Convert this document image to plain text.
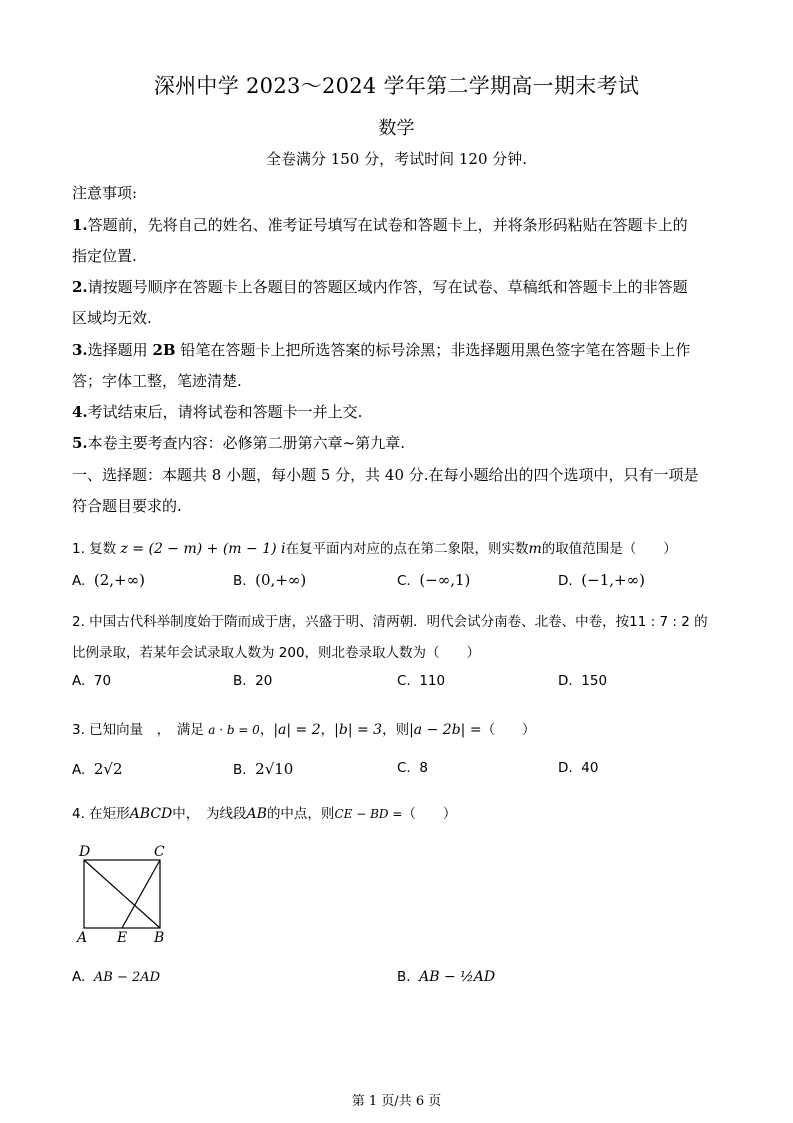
深州中学 2023～2024 学年第二学期高一期末考试
数学
全卷满分 150 分，考试时间 120 分钟.
注意事项:
1.答题前，先将自己的姓名、准考证号填写在试卷和答题卡上，并将条形码粘贴在答题卡上的
指定位置.
2.请按题号顺序在答题卡上各题目的答题区域内作答，写在试卷、草稿纸和答题卡上的非答题
区域均无效.
3.选择题用 2B 铅笔在答题卡上把所选答案的标号涂黑；非选择题用黑色签字笔在答题卡上作
答；字体工整，笔迹清楚.
4.考试结束后，请将试卷和答题卡一并上交.
5.本卷主要考查内容：必修第二册第六章~第九章.
一、选择题：本题共 8 小题，每小题 5 分，共 40 分.在每小题给出的四个选项中，只有一项是
符合题目要求的.
1. 复数 z = (2 − m) + (m − 1) i在复平面内对应的点在第二象限，则实数m的取值范围是（　　）
A. (2,+∞)	B. (0,+∞)	C. (−∞,1)	D. (−1,+∞)
2. 中国古代科举制度始于隋而成于唐，兴盛于明、清两朝．明代会试分南卷、北卷、中卷，按11 : 7 : 2 的
比例录取，若某年会试录取人数为 200，则北卷录取人数为（　　）
A. 70	B. 20	C. 110	D. 150
3. 已知向量　，　满足 a · b = 0，|a| = 2，|b| = 3，则|a − 2b| =（　　）
A. 2√2	B. 2√10	C. 8	D. 40
4. 在矩形ABCD中，　为线段AB的中点，则CE − BD =（　　）
D	C
A E B
A. AB − 2AD	B. AB − ½AD
第 1 页/共 6 页
